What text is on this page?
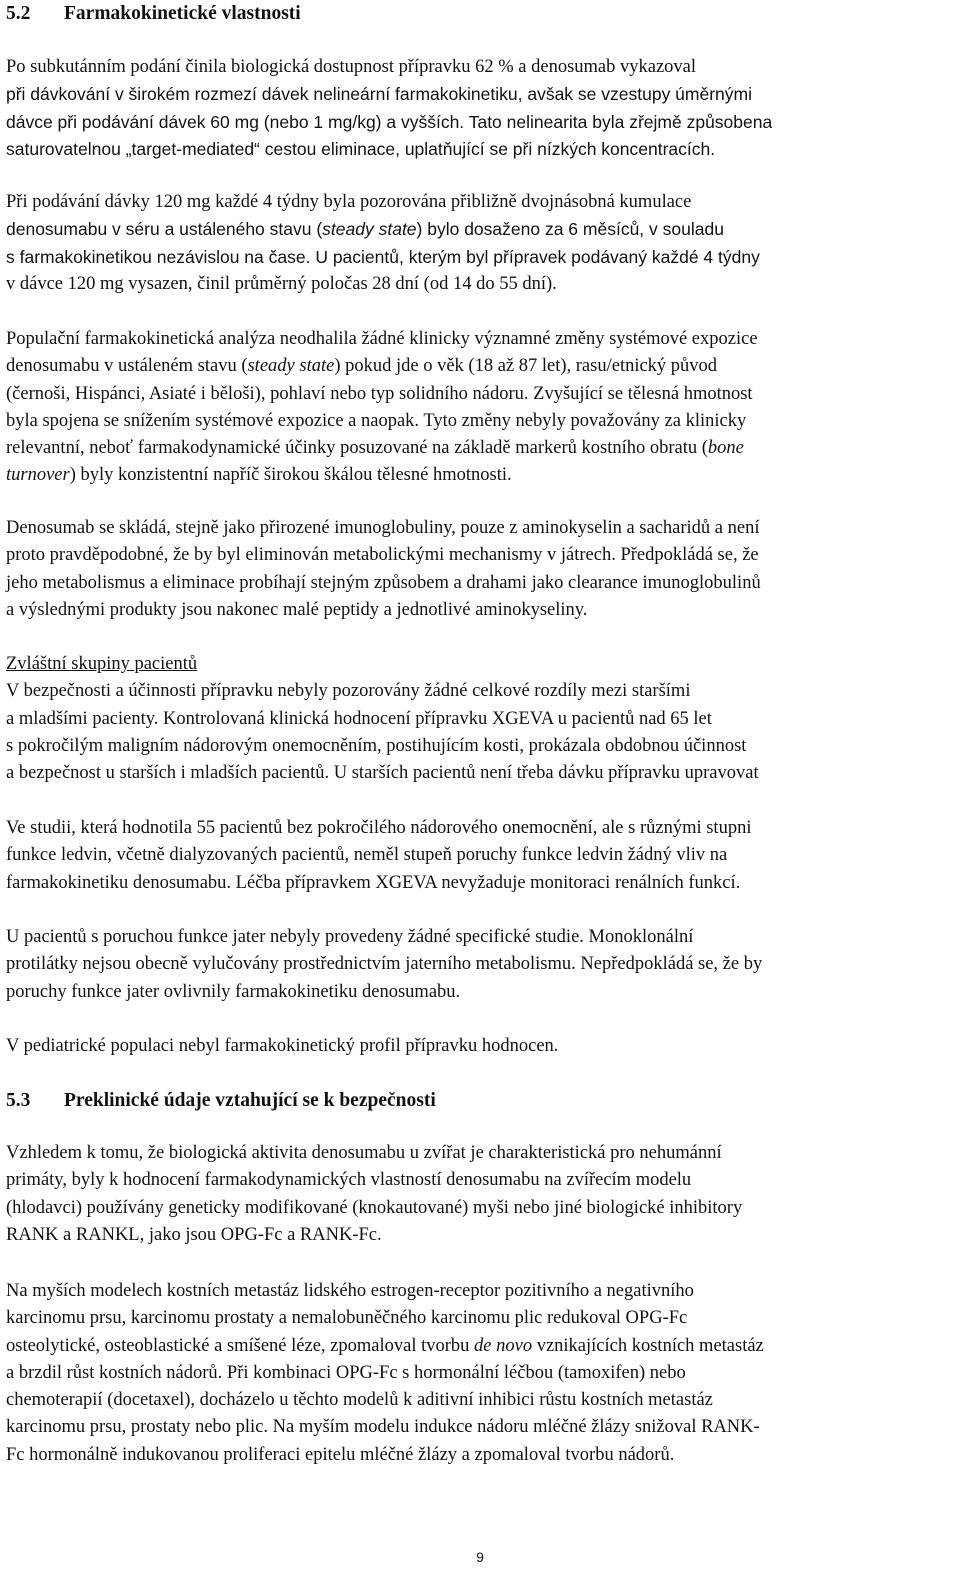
5.2 Farmakokinetické vlastnosti
Po subkutánním podání činila biologická dostupnost přípravku 62 % a denosumab vykazoval
při dávkování v širokém rozmezí dávek nelineární farmakokinetiku, avšak se vzestupy úměrnými
dávce při podávání dávek 60 mg (nebo 1 mg/kg) a vyšších. Tato nelinearita byla zřejmě způsobena
saturovatelnou „target-mediated“ cestou eliminace, uplatňující se při nízkých koncentracích.
Při podávání dávky 120 mg každé 4 týdny byla pozorována přibližně dvojnásobná kumulace
denosumabu v séru a ustáleného stavu (steady state) bylo dosaženo za 6 měsíců, v souladu
s farmakokinetikou nezávislou na čase. U pacientů, kterým byl přípravek podávaný každé 4 týdny
v dávce 120 mg vysazen, činil průměrný poločas 28 dní (od 14 do 55 dní).
Populační farmakokinetická analýza neodhalila žádné klinicky významné změny systémové expozice
denosumabu v ustáleném stavu (steady state) pokud jde o věk (18 až 87 let), rasu/etnický původ
(černoši, Hispánci, Asiaté i běloši), pohlaví nebo typ solidního nádoru. Zvyšující se tělesná hmotnost
byla spojena se snížením systémové expozice a naopak. Tyto změny nebyly považovány za klinicky
relevantní, neboť farmakodynamické účinky posuzované na základě markerů kostního obratu (bone
turnover) byly konzistentní napříč širokou škálou tělesné hmotnosti.
Denosumab se skládá, stejně jako přirozené imunoglobuliny, pouze z aminokyselin a sacharidů a není
proto pravděpodobné, že by byl eliminován metabolickými mechanismy v játrech. Předpokládá se, že
jeho metabolismus a eliminace probíhají stejným způsobem a drahami jako clearance imunoglobulinů
a výslednými produkty jsou nakonec malé peptidy a jednotlivé aminokyseliny.
Zvláštní skupiny pacientů
V bezpečnosti a účinnosti přípravku nebyly pozorovány žádné celkové rozdíly mezi staršími
a mladšími pacienty. Kontrolovaná klinická hodnocení přípravku XGEVA u pacientů nad 65 let
s pokročilým maligním nádorovým onemocněním, postihujícím kosti, prokázala obdobnou účinnost
a bezpečnost u starších i mladších pacientů. U starších pacientů není třeba dávku přípravku upravovat
Ve studii, která hodnotila 55 pacientů bez pokročilého nádorového onemocnění, ale s různými stupni
funkce ledvin, včetně dialyzovaných pacientů, neměl stupeň poruchy funkce ledvin žádný vliv na
farmakokinetiku denosumabu. Léčba přípravkem XGEVA nevyžaduje monitoraci renálních funkcí.
U pacientů s poruchou funkce jater nebyly provedeny žádné specifické studie. Monoklonální
protilátky nejsou obecně vylučovány prostřednictvím jaterního metabolismu. Nepředpokládá se, že by
poruchy funkce jater ovlivnily farmakokinetiku denosumabu.
V pediatrické populaci nebyl farmakokinetický profil přípravku hodnocen.
5.3 Preklinické údaje vztahující se k bezpečnosti
Vzhledem k tomu, že biologická aktivita denosumabu u zvířat je charakteristická pro nehumánní
primáty, byly k hodnocení farmakodynamických vlastností denosumabu na zvířecím modelu
(hlodavci) používány geneticky modifikované (knokautované) myši nebo jiné biologické inhibitory
RANK a RANKL, jako jsou OPG-Fc a RANK-Fc.
Na myších modelech kostních metastáz lidského estrogen-receptor pozitivního a negativního
karcinomu prsu, karcinomu prostaty a nemalobuněčného karcinomu plic redukoval OPG-Fc
osteolytické, osteoblastické a smíšené léze, zpomaloval tvorbu de novo vznikajících kostních metastáz
a brzdil růst kostních nádorů. Při kombinaci OPG-Fc s hormonální léčbou (tamoxifen) nebo
chemoterapií (docetaxel), docházelo u těchto modelů k aditivní inhibici růstu kostních metastáz
karcinomu prsu, prostaty nebo plic. Na myším modelu indukce nádoru mléčné žlázy snižoval RANK-
Fc hormonálně indukovanou proliferaci epitelu mléčné žlázy a zpomaloval tvorbu nádorů.
9
